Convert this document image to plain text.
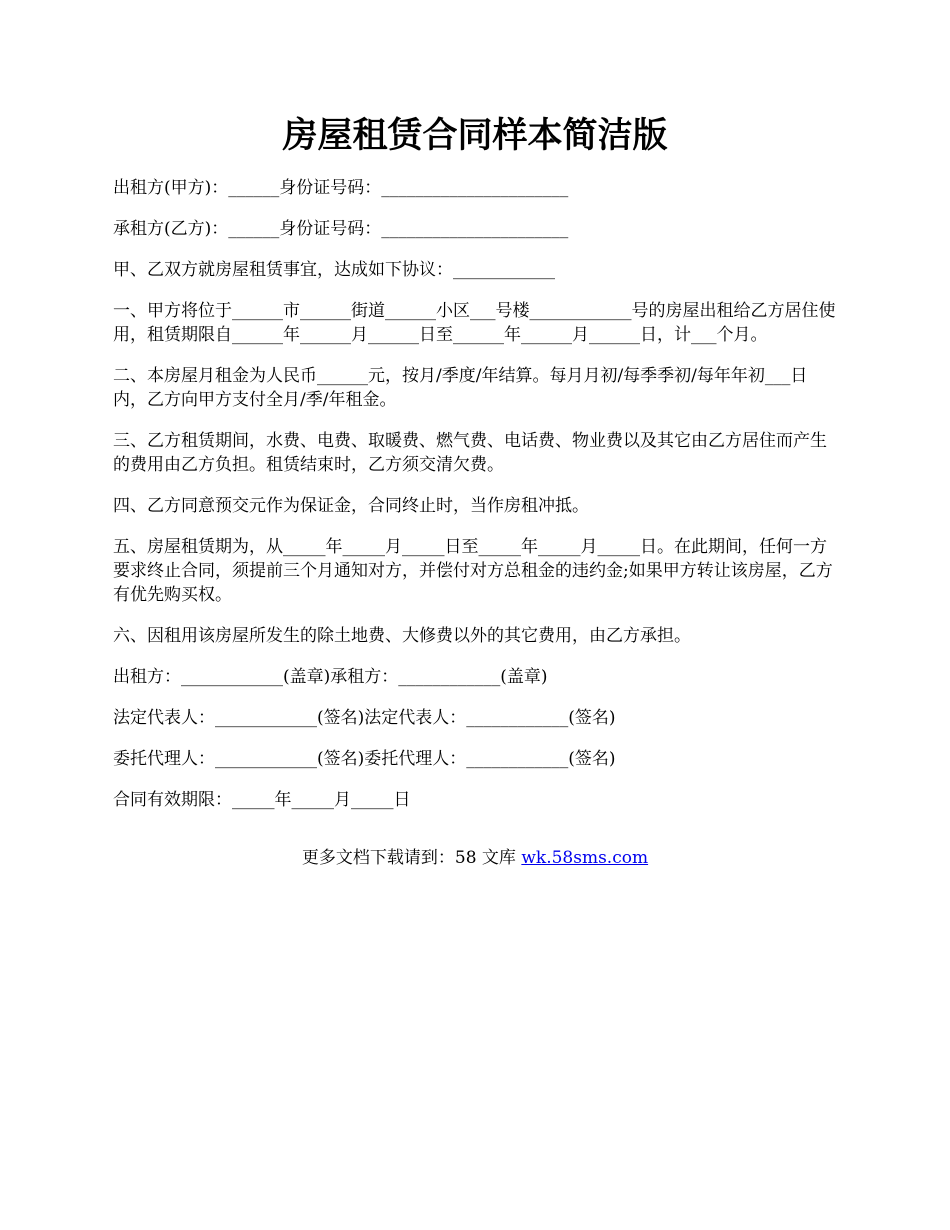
房屋租赁合同样本简洁版

出租方(甲方)：______身份证号码：______________________

承租方(乙方)：______身份证号码：______________________

甲、乙双方就房屋租赁事宜，达成如下协议：____________

一、甲方将位于______市______街道______小区___号楼____________号的房屋出租给乙方居住使用，租赁期限自______年______月______日至______年______月______日，计___个月。

二、本房屋月租金为人民币______元，按月/季度/年结算。每月月初/每季季初/每年年初___日内，乙方向甲方支付全月/季/年租金。

三、乙方租赁期间，水费、电费、取暖费、燃气费、电话费、物业费以及其它由乙方居住而产生的费用由乙方负担。租赁结束时，乙方须交清欠费。

四、乙方同意预交元作为保证金，合同终止时，当作房租冲抵。

五、房屋租赁期为，从_____年_____月_____日至_____年_____月_____日。在此期间，任何一方要求终止合同，须提前三个月通知对方，并偿付对方总租金的违约金;如果甲方转让该房屋，乙方有优先购买权。

六、因租用该房屋所发生的除土地费、大修费以外的其它费用，由乙方承担。

出租方：____________(盖章)承租方：____________(盖章)

法定代表人：____________(签名)法定代表人：____________(签名)

委托代理人：____________(签名)委托代理人：____________(签名)

合同有效期限：_____年_____月_____日

更多文档下载请到：58 文库 wk.58sms.com
